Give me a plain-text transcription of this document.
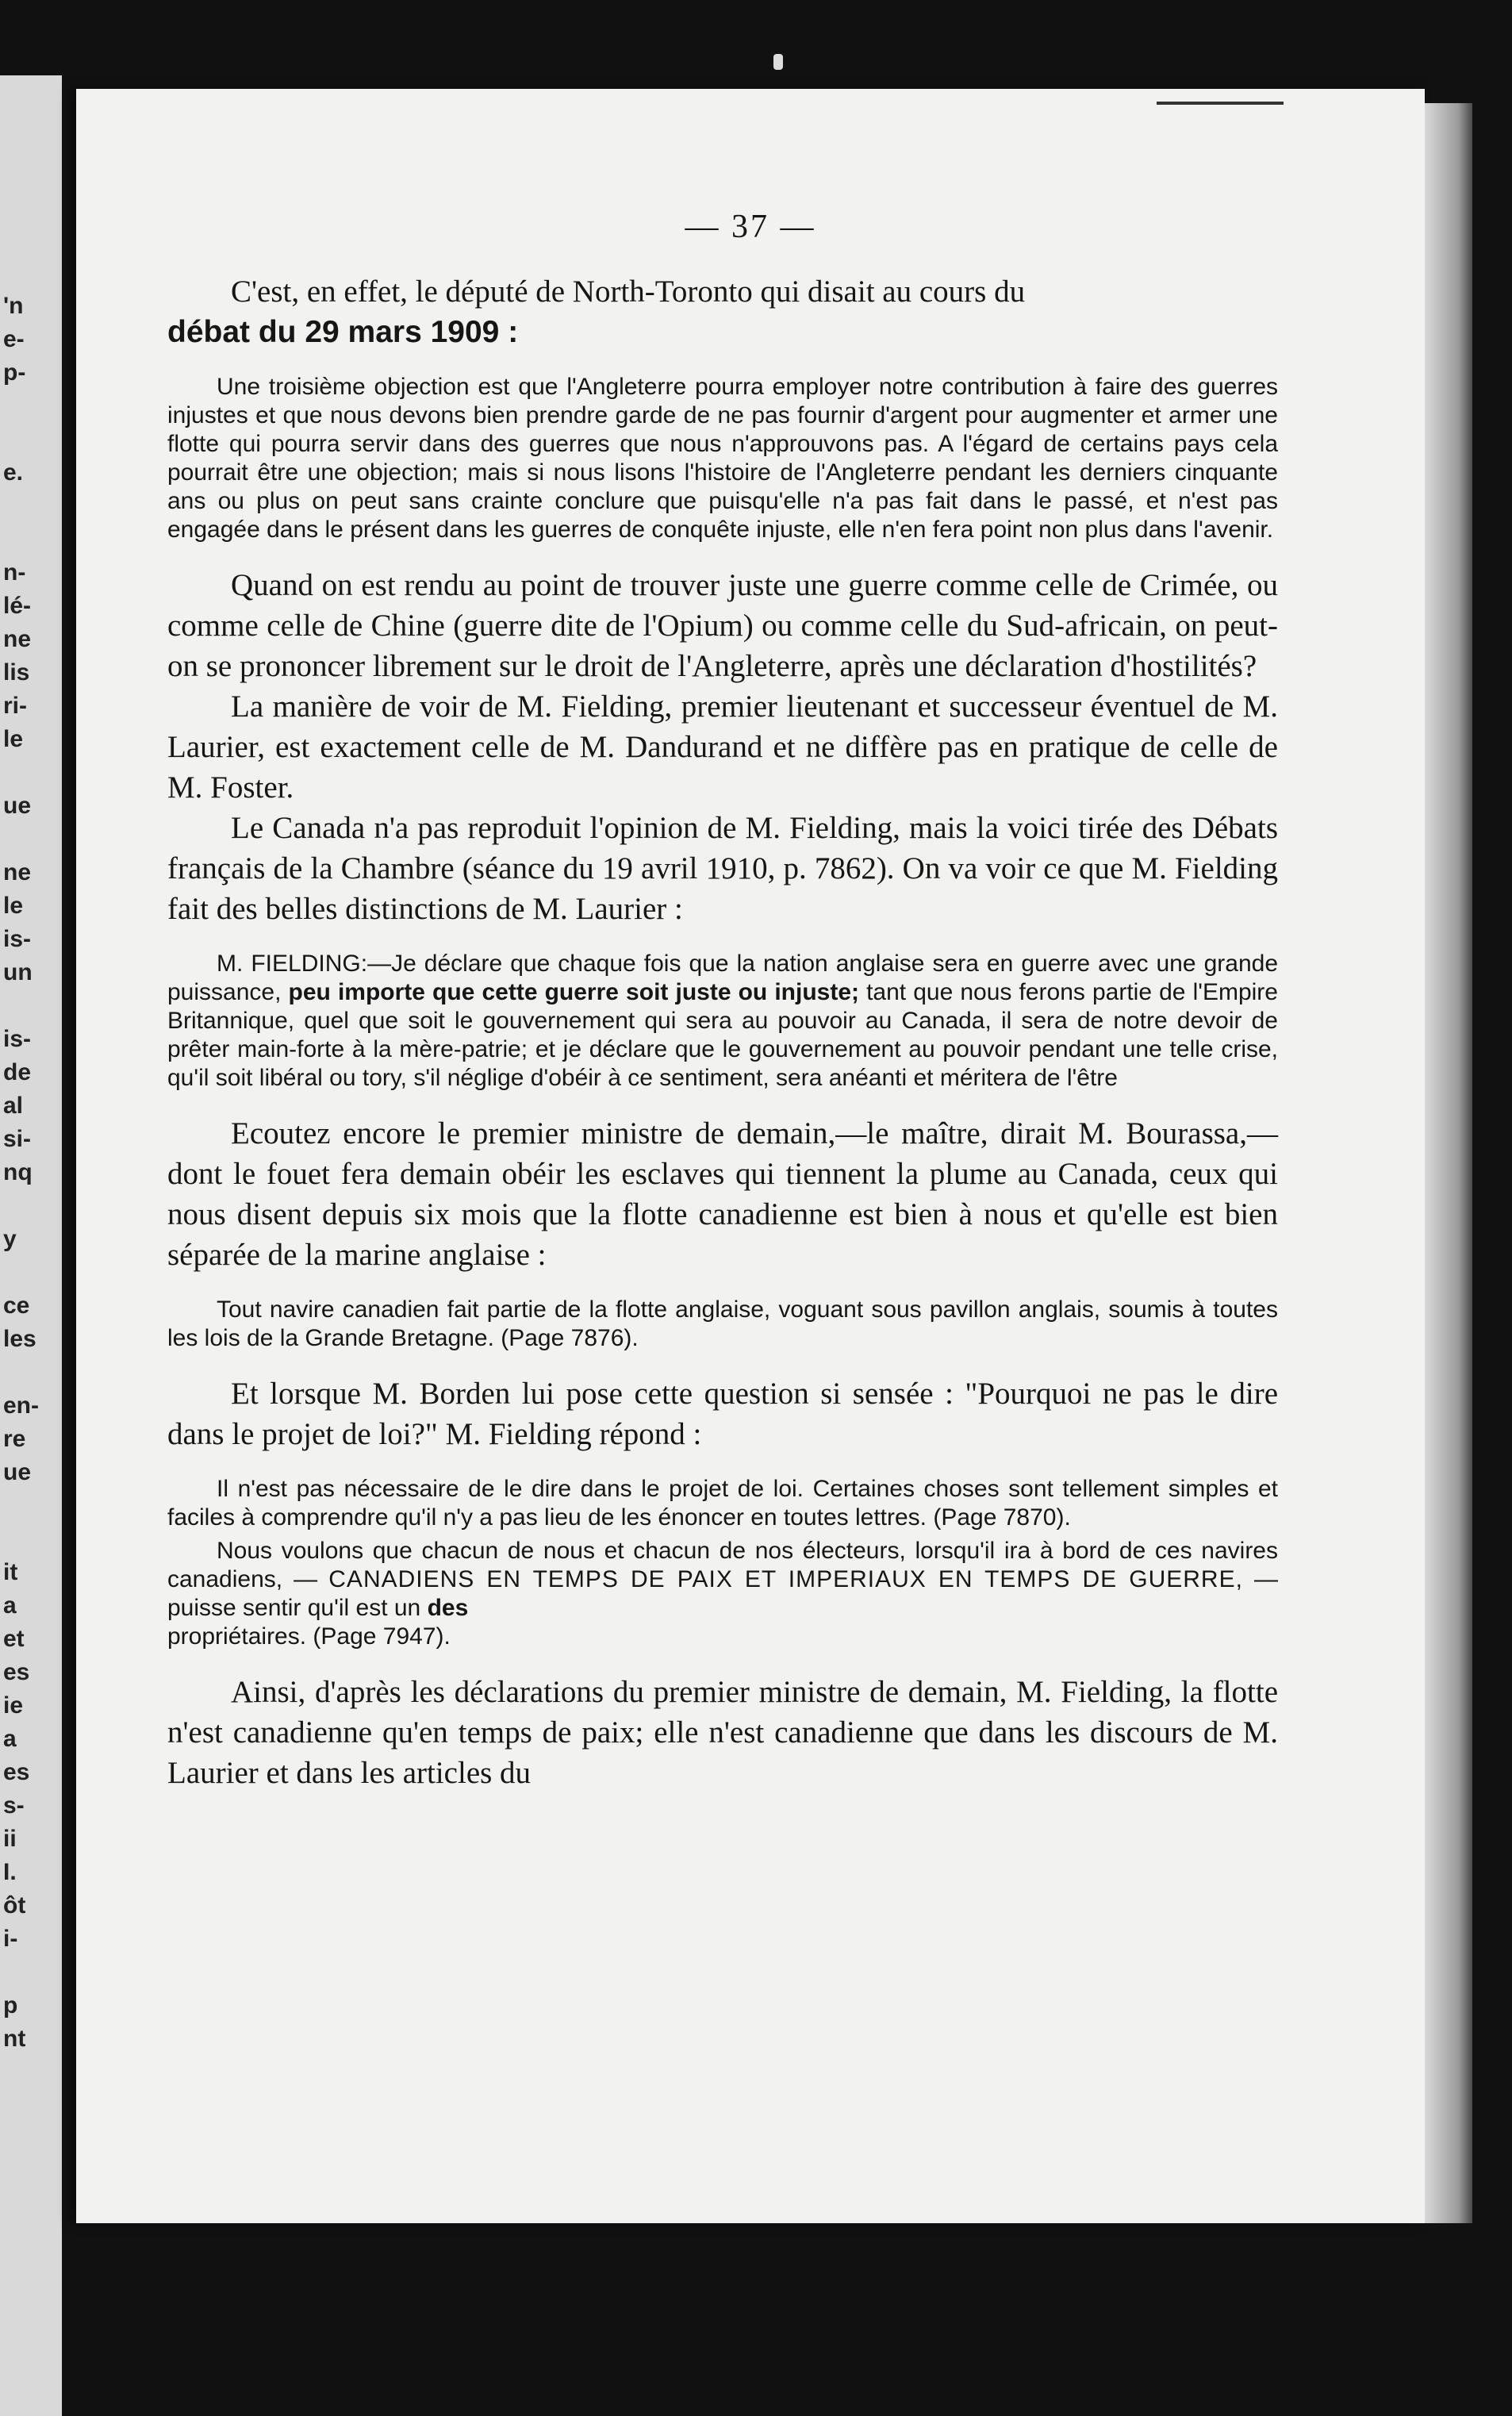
'n
e-
p-

e.

n-
lé-
ne
lis
ri-
le

ue

ne
le
is-
un

is-
de
al
si-
nq

y

ce
les

en-
re
ue

it
a
et
es
ie
a
es
s-
ii
I.
ôt
i-

p
nt
— 37 —
C'est, en effet, le député de North-Toronto qui disait au cours du
débat du 29 mars 1909 :

Une troisième objection est que l'Angleterre pourra employer notre contribution à faire des guerres injustes et que nous devons bien prendre garde de ne pas fournir d'argent pour augmenter et armer une flotte qui pourra servir dans des guerres que nous n'approuvons pas. A l'égard de certains pays cela pourrait être une objection; mais si nous lisons l'histoire de l'Angleterre pendant les derniers cinquante ans ou plus on peut sans crainte conclure que puisqu'elle n'a pas fait dans le passé, et n'est pas engagée dans le présent dans les guerres de conquête injuste, elle n'en fera point non plus dans l'avenir.

Quand on est rendu au point de trouver juste une guerre comme celle de Crimée, ou comme celle de Chine (guerre dite de l'Opium) ou comme celle du Sud-africain, on peut-on se prononcer librement sur le droit de l'Angleterre, après une déclaration d'hostilités?

La manière de voir de M. Fielding, premier lieutenant et successeur éventuel de M. Laurier, est exactement celle de M. Dandurand et ne diffère pas en pratique de celle de M. Foster.

Le Canada n'a pas reproduit l'opinion de M. Fielding, mais la voici tirée des Débats français de la Chambre (séance du 19 avril 1910, p. 7862). On va voir ce que M. Fielding fait des belles distinctions de M. Laurier :

M. FIELDING:—Je déclare que chaque fois que la nation anglaise sera en guerre avec une grande puissance, peu importe que cette guerre soit juste ou injuste; tant que nous ferons partie de l'Empire Britannique, quel que soit le gouvernement qui sera au pouvoir au Canada, il sera de notre devoir de prêter main-forte à la mère-patrie; et je déclare que le gouvernement au pouvoir pendant une telle crise, qu'il soit libéral ou tory, s'il néglige d'obéir à ce sentiment, sera anéanti et méritera de l'être

Ecoutez encore le premier ministre de demain,—le maître, dirait M. Bourassa,—dont le fouet fera demain obéir les esclaves qui tiennent la plume au Canada, ceux qui nous disent depuis six mois que la flotte canadienne est bien à nous et qu'elle est bien séparée de la marine anglaise :

Tout navire canadien fait partie de la flotte anglaise, voguant sous pavillon anglais, soumis à toutes les lois de la Grande Bretagne. (Page 7876).

Et lorsque M. Borden lui pose cette question si sensée : "Pourquoi ne pas le dire dans le projet de loi?" M. Fielding répond :

Il n'est pas nécessaire de le dire dans le projet de loi. Certaines choses sont tellement simples et faciles à comprendre qu'il n'y a pas lieu de les énoncer en toutes lettres. (Page 7870).

Nous voulons que chacun de nous et chacun de nos électeurs, lorsqu'il ira à bord de ces navires canadiens, — CANADIENS EN TEMPS DE PAIX ET IMPERIAUX EN TEMPS DE GUERRE, — puisse sentir qu'il est un des
propriétaires. (Page 7947).

Ainsi, d'après les déclarations du premier ministre de demain, M. Fielding, la flotte n'est canadienne qu'en temps de paix; elle n'est canadienne que dans les discours de M. Laurier et dans les articles du
